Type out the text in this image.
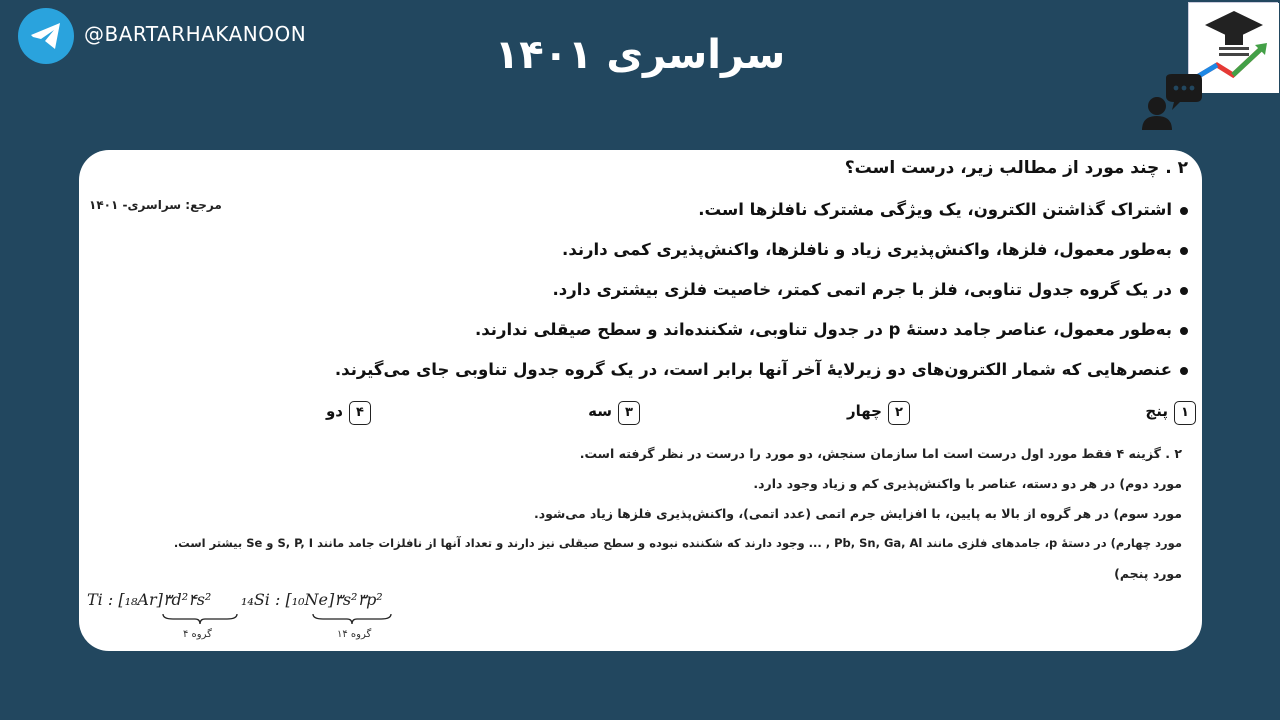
@BARTARHAKANOON	سراسری ۱۴۰۱
۲ . چند مورد از مطالب زیر، درست است؟
مرجع: سراسری- ۱۴۰۱	اشتراک گذاشتن الکترون، یک ویژگی مشترک نافلزها است.
به‌طور معمول، فلزها، واکنش‌پذیری زیاد و نافلزها، واکنش‌پذیری کمی دارند.
در یک گروه جدول تناوبی، فلز با جرم اتمی کمتر، خاصیت فلزی بیشتری دارد.
به‌طور معمول، عناصر جامد دستهٔ p در جدول تناوبی، شکننده‌اند و سطح صیقلی ندارند.
عنصرهایی که شمار الکترون‌های دو زیرلایهٔ آخر آنها برابر است، در یک گروه جدول تناوبی جای می‌گیرند.
۱پنج
۲چهار
۳سه
۴دو
۲ . گزینه ۴ فقط مورد اول درست است اما سازمان سنجش، دو مورد را درست در نظر گرفته است.
مورد دوم) در هر دو دسته، عناصر با واکنش‌پذیری کم و زیاد وجود دارد.
مورد سوم) در هر گروه از بالا به پایین، با افزایش جرم اتمی (عدد اتمی)، واکنش‌پذیری فلزها زیاد می‌شود.
مورد چهارم) در دستهٔ p، جامدهای فلزی مانند Pb, Sn, Ga, Al , ... وجود دارند که شکننده نبوده و سطح صیقلی نیز دارند و تعداد آنها از نافلزات جامد مانند S, P, I و Se بیشتر است.
مورد پنجم)
Ti : [₁₈Ar]۳d²۴s² ₁₄Si : [₁₀Ne]۳s²۳p²
گروه ۴	گروه ۱۴
